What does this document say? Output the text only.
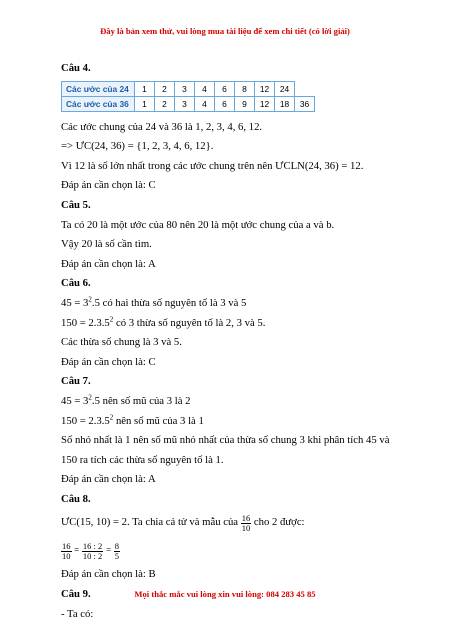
Đây là bản xem thử, vui lòng mua tài liệu để xem chi tiết (có lời giải)
Câu 4.
Các ước của 24	1	2	3	4	6	8	12	24	
Các ước của 36	1	2	3	4	6	9	12	18	36
Các ước chung của 24 và 36 là 1, 2, 3, 4, 6, 12.
=> ƯC(24, 36) = {1, 2, 3, 4, 6, 12}.
Vì 12 là số lớn nhất trong các ước chung trên nên ƯCLN(24, 36) = 12.
Đáp án cần chọn là: C
Câu 5.
Ta có 20 là một ước của 80 nên 20 là một ước chung của a và b.
Vậy 20 là số cần tìm.
Đáp án cần chọn là: A
Câu 6.
$45 = 3^2.5$ có hai thừa số nguyên tố là 3 và 5
$150 = 2.3.5^2$ có 3 thừa số nguyên tố là 2, 3 và 5.
Các thừa số chung là 3 và 5.
Đáp án cần chọn là: C
Câu 7.
$45 = 3^2.5$ nên số mũ của 3 là 2
$150 = 2.3.5^2$ nên số mũ của 3 là 1
Số nhỏ nhất là 1 nên số mũ nhỏ nhất của thừa số chung 3 khi phân tích 45 và
150 ra tích các thừa số nguyên tố là 1.
Đáp án cần chọn là: A
Câu 8.
ƯC(15, 10) = 2. Ta chia cả tử và mẫu của $\frac{16}{10}$ cho 2 được:
$\frac{16}{10} = \frac{16 : 2}{10 : 2} = \frac{8}{5}$
Đáp án cần chọn là: B
Câu 9.
- Ta có:
Mọi thắc mắc vui lòng xin vui lòng: 084 283 45 85
